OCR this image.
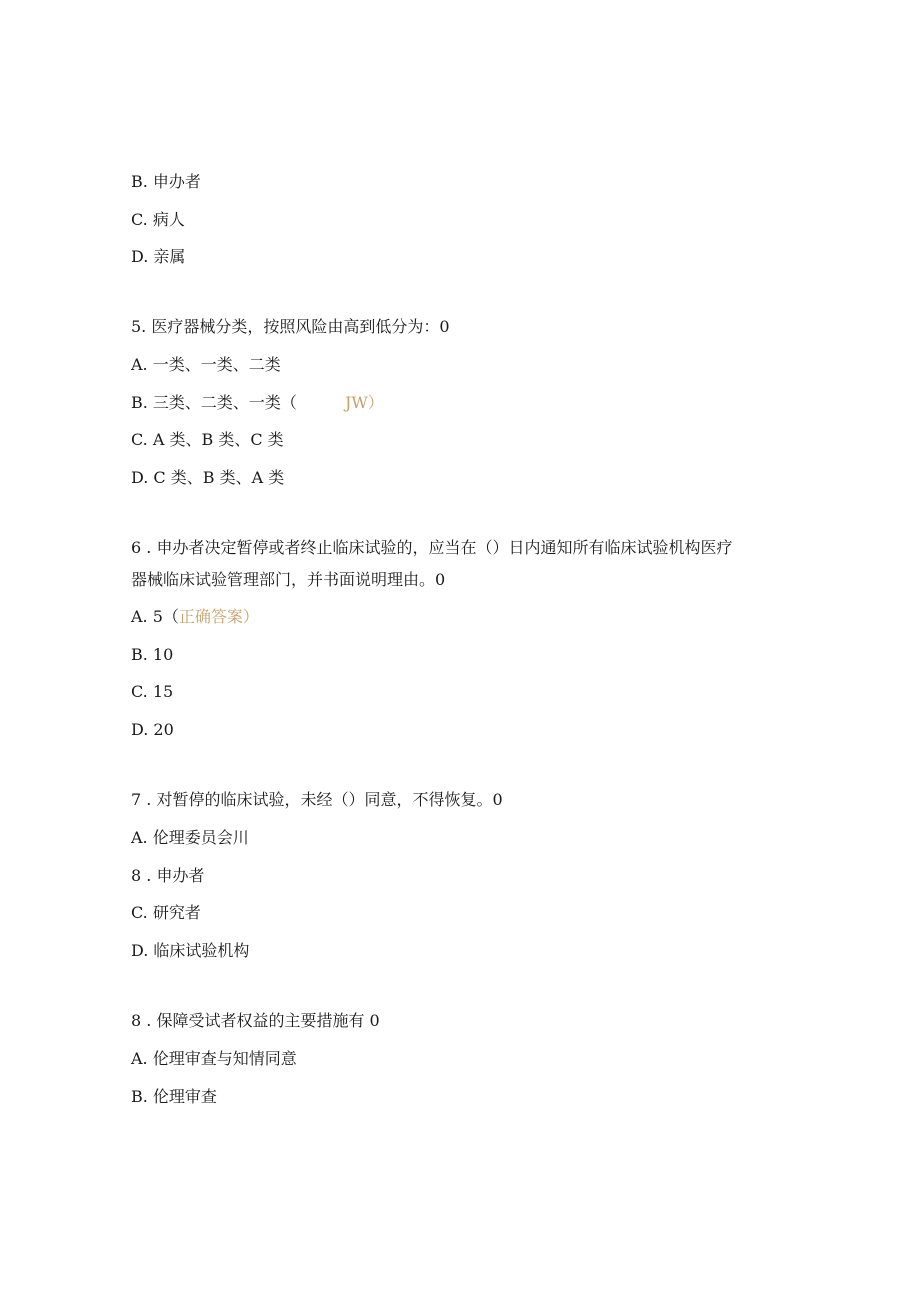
B. 申办者
C. 病人
D. 亲属
5. 医疗器械分类，按照风险由高到低分为：0
A. 一类、一类、二类
B. 三类、二类、一类（	JW）
C. A 类、B 类、C 类
D. C 类、B 类、A 类
6 . 申办者决定暂停或者终止临床试验的，应当在（）日内通知所有临床试验机构医疗
器械临床试验管理部门，并书面说明理由。0
A. 5（正确答案）
B. 10
C. 15
D. 20
7 . 对暂停的临床试验，未经（）同意，不得恢复。0
A. 伦理委员会川
8 . 申办者
C. 研究者
D. 临床试验机构
8 . 保障受试者权益的主要措施有 0
A. 伦理审查与知情同意
B. 伦理审查
